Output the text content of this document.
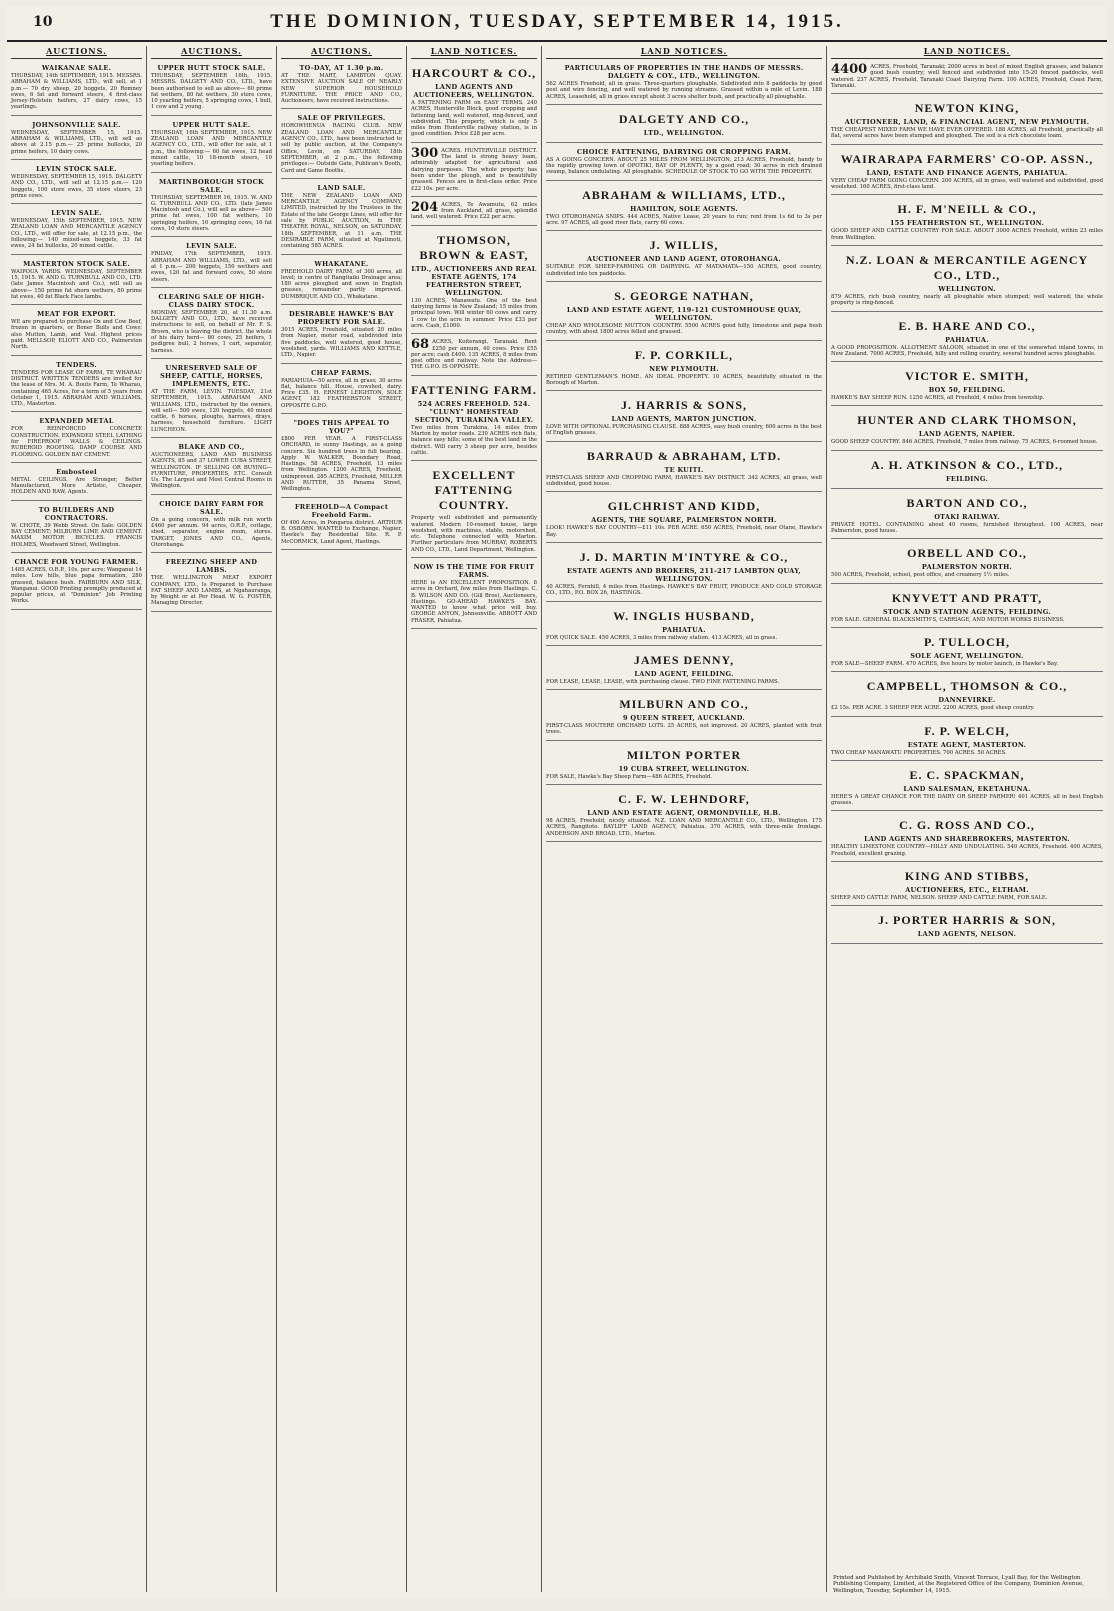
10	THE DOMINION, TUESDAY, SEPTEMBER 14, 1915.
AUCTIONS.
WAIKANAE SALE.
THURSDAY, 14th SEPTEMBER, 1915. MESSRS. ABRAHAM & WILLIAMS, LTD., will sell, at 1 p.m.— 70 dry sheep, 20 hoggets, 20 Romney ewes, 6 fat and forward steers, 4 first-class Jersey-Holstein heifers, 27 dairy cows, 15 yearlings.
JOHNSONVILLE SALE.
WEDNESDAY, SEPTEMBER 15, 1915. ABRAHAM & WILLIAMS, LTD., will sell as above at 2.15 p.m.— 25 prime bullocks, 20 prime heifers, 10 dairy cows.
LEVIN STOCK SALE.
WEDNESDAY, SEPTEMBER 15, 1915. DALGETY AND CO., LTD., will sell at 12.15 p.m.— 120 hoggets, 100 store ewes, 35 store steers, 23 prime cows.
LEVIN SALE.
WEDNESDAY, 15th SEPTEMBER, 1915. NEW ZEALAND LOAN AND MERCANTILE AGENCY CO., LTD., will offer for sale, at 12.15 p.m., the following:— 140 mixed-sex hoggets, 33 fat ewes, 24 fat bullocks, 20 mixed cattle.
MASTERTON STOCK SALE.
WAIPOUA YARDS. WEDNESDAY, SEPTEMBER 15, 1915. W. AND G. TURNBULL AND CO., LTD. (late James Macintosh and Co.), will sell as above— 150 prime fat shorn wethers, 80 prime fat ewes, 40 fat Black Face lambs.
MEAT FOR EXPORT.
WE are prepared to purchase Ox and Cow Beef, frozen in quarters, or Boner Bulls and Cows; also Mutton, Lamb, and Veal. Highest prices paid. MELLSOP, ELIOTT AND CO., Palmerston North.
TENDERS.
TENDERS FOR LEASE OF FARM, TE WHARAU DISTRICT. WRITTEN TENDERS are invited for the lease of Mrs. M. A. Bouts Farm, Te Wharau, containing 465 Acres, for a term of 5 years from October 1, 1915. ABRAHAM AND WILLIAMS, LTD., Masterton.
EXPANDED METAL
FOR REINFORCED CONCRETE CONSTRUCTION. EXPANDED STEEL LATHING for FIREPROOF WALLS & CEILINGS. RUBEROID ROOFING, DAMP COURSE AND FLOORING. GOLDEN BAY CEMENT.
Embosteel
METAL CEILINGS. Are Stronger, Better Manufactured, More Artistic, Cheaper. HOLDEN AND RAW, Agents.
TO BUILDERS AND CONTRACTORS.
W. CHOTE, 39 Webb Street. On Sale: GOLDEN BAY CEMENT; MILBURN LIME AND CEMENT. MAXIM MOTOR BICYCLES. FRANCIS HOLMES, Woodward Street, Wellington.
CHANCE FOR YOUNG FARMER.
1485 ACRES, O.R.P., 10s. per acre; Wanganui 14 miles. Low hills, blue papa formation, 280 grassed, balance bush. FAIRBURN AND SILK, Wanganui. GOOD Printing promptly produced at popular prices, at "Dominion" Job Printing Works.
AUCTIONS.
UPPER HUTT STOCK SALE.
THURSDAY, SEPTEMBER 16th, 1915. MESSRS. DALGETY AND CO., LTD., have been authorised to sell as above— 60 prime fat wethers, 80 fat wethers, 30 store cows, 10 yearling heifers, 5 springing cows, 1 bull, 1 cow and 2 young.
UPPER HUTT SALE.
THURSDAY, 16th SEPTEMBER, 1915. NEW ZEALAND LOAN AND MERCANTILE AGENCY CO., LTD., will offer for sale, at 1 p.m., the following:— 60 fat ewes, 12 head mixed cattle, 10 18-month steers, 10 yearling heifers.
MARTINBOROUGH STOCK SALE.
THURSDAY, SEPTEMBER 16, 1915. W. AND G. TURNBULL AND CO., LTD. (late James Macintosh and Co.), will sell as above— 500 prime fat ewes, 100 fat wethers, 10 springing heifers, 10 springing cows, 16 fat cows, 10 store steers.
LEVIN SALE.
FRIDAY, 17th SEPTEMBER, 1915. ABRAHAM AND WILLIAMS, LTD., will sell at 1 p.m.— 200 hoggets, 150 wethers and ewes, 120 fat and forward cows, 50 store steers.
CLEARING SALE OF HIGH-CLASS DAIRY STOCK.
MONDAY, SEPTEMBER 20, at 11.30 a.m. DALGETY AND CO., LTD., have received instructions to sell, on behalf of Mr. F. S. Brown, who is leaving the district, the whole of his dairy herd— 80 cows, 25 heifers, 1 pedigree bull, 2 horses, 1 cart, separator, harness.
UNRESERVED SALE OF SHEEP, CATTLE, HORSES, IMPLEMENTS, ETC.
AT THE FARM, LEVIN. TUESDAY, 21st SEPTEMBER, 1915. ABRAHAM AND WILLIAMS, LTD., instructed by the owners, will sell— 500 ewes, 120 hoggets, 40 mixed cattle, 6 horses, ploughs, harrows, drays, harness, household furniture. LIGHT LUNCHEON.
BLAKE AND CO.,
AUCTIONEERS, LAND AND BUSINESS AGENTS, 85 and 37 LOWER CUBA STREET, WELLINGTON. IF SELLING OR BUYING— FURNITURE, PROPERTIES, ETC. Consult Us. The Largest and Most Central Rooms in Wellington.
CHOICE DAIRY FARM FOR SALE.
On a going concern, with milk run worth £460 per annum. 94 acres, O.R.P., cottage, shed, separator, engine room, stores. TARGET, JONES AND CO., Agents, Otorohanga.
FREEZING SHEEP AND LAMBS.
THE WELLINGTON MEAT EXPORT COMPANY, LTD., Is Prepared to Purchase FAT SHEEP AND LAMBS, at Ngahauranga, by Weight or at Per Head. W. G. FOSTER, Managing Director.
AUCTIONS.
TO-DAY, AT 1.30 p.m.
AT THE MART, LAMBTON QUAY. EXTENSIVE AUCTION SALE OF NEARLY NEW SUPERIOR HOUSEHOLD FURNITURE. THE PRICE AND CO., Auctioneers, have received instructions.
SALE OF PRIVILEGES.
HOROWHENUA RACING CLUB. NEW ZEALAND LOAN AND MERCANTILE AGENCY CO., LTD., have been instructed to sell by public auction, at the Company's Office, Levin, on SATURDAY, 18th SEPTEMBER, at 2 p.m., the following privileges:— Outside Gate, Publican's Booth, Card and Game Booths.
LAND SALE.
THE NEW ZEALAND LOAN AND MERCANTILE AGENCY COMPANY, LIMITED, instructed by the Trustees in the Estate of the late George Lines, will offer for sale by PUBLIC AUCTION, in THE THEATRE ROYAL, NELSON, on SATURDAY, 18th SEPTEMBER, at 11 a.m. THE DESIRABLE FARM, situated at Ngatimoti, containing 585 ACRES.
WHAKATANE.
FREEHOLD DAIRY FARM, of 300 acres, all level; in centre of Rangitaiki Drainage area; 180 acres ploughed and sown in English grasses, remainder partly improved. DUMBRIQUE AND CO., Whakatane.
DESIRABLE HAWKE'S BAY PROPERTY FOR SALE.
3015 ACRES, Freehold, situated 20 miles from Napier, motor road, subdivided into five paddocks, well watered, good house, woolshed, yards. WILLIAMS AND KETTLE, LTD., Napier.
CHEAP FARMS.
PARIAHUIA—50 acres, all in grass; 30 acres flat, balance hill. House, cowshed, dairy. Price £35. H. ERNEST LEIGHTON, SOLE AGENT, 182 FEATHERSTON STREET, OPPOSITE G.P.O.
"DOES THIS APPEAL TO YOU?"
£800 PER YEAR. A FIRST-CLASS ORCHARD, in sunny Hastings, as a going concern. Six hundred trees in full bearing. Apply W. WALKER, Boundary Road, Hastings. 58 ACRES, Freehold, 13 miles from Wellington. 1200 ACRES, Freehold, unimproved. 285 ACRES, Freehold, MILLER AND RUTTER, 35 Panama Street, Wellington.
FREEHOLD—A Compact Freehold Farm.
Of 400 Acres, in Pongaroa district. ARTHUR B. OSBORN. WANTED to Exchange, Napier, Hawke's Bay Residential Site. R. P. McCORMICK, Land Agent, Hastings.
LAND NOTICES.
HARCOURT & CO.,
LAND AGENTS AND AUCTIONEERS, WELLINGTON.
A FATTENING FARM on EASY TERMS. 240 ACRES, Hunterville Block, good cropping and fattening land, well watered, ring-fenced, and subdivided. This property, which is only 5 miles from Hunterville railway station, is in good condition. Price £28 per acre.
300 ACRES. HUNTERVILLE DISTRICT. The land is strong heavy loam, admirably adapted for agricultural and dairying purposes. The whole property has been under the plough, and is beautifully grassed. Fences are in first-class order. Price £22 10s. per acre.
204 ACRES, Te Awamutu, 62 miles from Auckland, all grass, splendid land, well watered. Price £22 per acre.
THOMSON, BROWN & EAST,
LTD., AUCTIONEERS AND REAL ESTATE AGENTS, 174 FEATHERSTON STREET, WELLINGTON.
130 ACRES, Manawatu. One of the best dairying farms in New Zealand; 15 miles from principal town. Will winter 60 cows and carry 1 cow to the acre in summer. Price £33 per acre. Cash, £1000.
68 ACRES, Koiterangi, Taranaki. Rent £250 per annum, 40 cows. Price £55 per acre; cash £400. 135 ACRES, 8 miles from post office and railway. Note the Address— THE G.P.O. IS OPPOSITE.
FATTENING FARM.
524 ACRES FREEHOLD. 524. "CLUNY" HOMESTEAD SECTION, TURAKINA VALLEY.
Two miles from Turakina, 14 miles from Marton by motor roads. 230 ACRES rich flats, balance easy hills; some of the best land in the district. Will carry 3 sheep per acre, besides cattle.
EXCELLENT FATTENING COUNTRY.
Property well subdivided and permanently watered. Modern 10-roomed house, large woolshed, with machines, stable, motorshed, etc. Telephone connected with Marton. Further particulars from MURRAY, ROBERTS AND CO., LTD., Land Department, Wellington.
NOW IS THE TIME FOR FRUIT FARMS.
HERE is AN EXCELLENT PROPOSITION. 8 acres in Orchard, few miles from Hastings. C. B. WILSON AND CO. (Gill Bros), Auctioneers, Hastings. GO-AHEAD HAWKE'S BAY. WANTED to know what price will buy. GEORGE ANYON, Johnsonville. ABBOTT AND FRASER, Pahiatua.
LAND NOTICES.
PARTICULARS OF PROPERTIES IN THE HANDS OF MESSRS. DALGETY & COY., LTD., WELLINGTON.
562 ACRES Freehold, all in grass. Three-quarters ploughable. Subdivided into 8 paddocks by good post and wire fencing, and well watered by running streams. Grassed within a mile of Levin. 188 ACRES, Leasehold, all in grass except about 3 acres shelter bush, and practically all ploughable.
DALGETY AND CO.,
LTD., WELLINGTON.
CHOICE FATTENING, DAIRYING OR CROPPING FARM.
AS A GOING CONCERN. ABOUT 25 MILES FROM WELLINGTON. 213 ACRES, Freehold, handy to the rapidly growing town of OPOTIKI, BAY OF PLENTY, by a good road; 30 acres in rich drained swamp, balance undulating. All ploughable. SCHEDULE OF STOCK TO GO WITH THE PROPERTY.
ABRAHAM & WILLIAMS, LTD.,
HAMILTON, SOLE AGENTS.
TWO OTOROHANGA SNIPS. 444 ACRES, Native Lease, 20 years to run; rent from 1s 6d to 3s per acre. 97 ACRES, all good river flats, carry 60 cows.
J. WILLIS,
AUCTIONEER AND LAND AGENT, OTOROHANGA.
SUITABLE FOR SHEEP-FARMING OR DAIRYING. AT MATAMATA—150 ACRES, good country, subdivided into ten paddocks.
S. GEORGE NATHAN,
LAND AND ESTATE AGENT, 119-121 CUSTOMHOUSE QUAY, WELLINGTON.
CHEAP AND WHOLESOME MUTTON COUNTRY. 5500 ACRES good hilly, limestone and papa bush country, with about 1800 acres felled and grassed.
F. P. CORKILL,
NEW PLYMOUTH.
RETIRED GENTLEMAN'S HOME. AN IDEAL PROPERTY. 10 ACRES, beautifully situated in the Borough of Marton.
J. HARRIS & SONS,
LAND AGENTS, MARTON JUNCTION.
LOVE WITH OPTIONAL PURCHASING CLAUSE. 888 ACRES, easy bush country, 600 acres in the best of English grasses.
BARRAUD & ABRAHAM, LTD.
TE KUITI.
FIRST-CLASS SHEEP AND CROPPING FARM, HAWKE'S BAY DISTRICT. 342 ACRES, all grass, well subdivided, good house.
GILCHRIST AND KIDD,
AGENTS, THE SQUARE, PALMERSTON NORTH.
LOOK! HAWKE'S BAY COUNTRY—£11 10s. PER ACRE. 650 ACRES, Freehold, near Otane, Hawke's Bay.
J. D. MARTIN M'INTYRE & CO.,
ESTATE AGENTS AND BROKERS, 211-217 LAMBTON QUAY, WELLINGTON.
40 ACRES, Fernhill, 4 miles from Hastings. HAWKE'S BAY FRUIT, PRODUCE AND COLD STORAGE CO., LTD., P.O. BOX 26, HASTINGS.
W. INGLIS HUSBAND,
PAHIATUA.
FOR QUICK SALE. 450 ACRES, 3 miles from railway station. 413 ACRES, all in grass.
JAMES DENNY,
LAND AGENT, FEILDING.
FOR LEASE, LEASE, LEASE, with purchasing clause. TWO FINE FATTENING FARMS.
MILBURN AND CO.,
9 QUEEN STREET, AUCKLAND.
FIRST-CLASS MOUTERE ORCHARD LOTS. 25 ACRES, not improved. 20 ACRES, planted with fruit trees.
MILTON PORTER
19 CUBA STREET, WELLINGTON.
FOR SALE, Hawke's Bay Sheep Farm—486 ACRES, Freehold.
C. F. W. LEHNDORF,
LAND AND ESTATE AGENT, ORMONDVILLE, H.B.
98 ACRES, Freehold, nicely situated. N.Z. LOAN AND MERCANTILE CO., LTD., Wellington. 175 ACRES, Rangitoto. BAYLIFF LAND AGENCY, Pahiatua. 370 ACRES, with three-mile frontage. ANDERSON AND BROAD, LTD., Marton.
LAND NOTICES.
4400 ACRES, Freehold, Taranaki; 2000 acres in best of mixed English grasses, and balance good bush country; well fenced and subdivided into 15-20 fenced paddocks, well watered. 237 ACRES, Freehold, Taranaki Coast Dairying Farm. 100 ACRES, Freehold, Coast Farm, Taranaki.
NEWTON KING,
AUCTIONEER, LAND, & FINANCIAL AGENT, NEW PLYMOUTH.
THE CHEAPEST MIXED FARM WE HAVE EVER OFFERED. 188 ACRES, all Freehold, practically all flat, several acres have been stumped and ploughed. The soil is a rich chocolate loam.
WAIRARAPA FARMERS' CO-OP. ASSN.,
LAND, ESTATE AND FINANCE AGENTS, PAHIATUA.
VERY CHEAP FARM GOING CONCERN. 200 ACRES, all in grass, well watered and subdivided, good woolshed. 160 ACRES, first-class land.
H. F. M'NEILL & CO.,
155 FEATHERSTON ST., WELLINGTON.
GOOD SHEEP AND CATTLE COUNTRY FOR SALE. ABOUT 3000 ACRES Freehold, within 23 miles from Wellington.
N.Z. LOAN & MERCANTILE AGENCY CO., LTD.,
WELLINGTON.
879 ACRES, rich bush country, nearly all ploughable when stumped; well watered; the whole property is ring-fenced.
E. B. HARE AND CO.,
PAHIATUA.
A GOOD PROPOSITION. ALLOTMENT SALOON, situated in one of the somewhat inland towns, in New Zealand. 7000 ACRES, Freehold, hilly and rolling country, several hundred acres ploughable.
VICTOR E. SMITH,
BOX 50, FEILDING.
HAWKE'S BAY SHEEP RUN. 1250 ACRES, all Freehold, 4 miles from township.
HUNTER AND CLARK THOMSON,
LAND AGENTS, NAPIER.
GOOD SHEEP COUNTRY. 846 ACRES, Freehold, 7 miles from railway. 75 ACRES, 6-roomed house.
A. H. ATKINSON & CO., LTD.,
FEILDING.
BARTON AND CO.,
OTAKI RAILWAY.
PRIVATE HOTEL. CONTAINING about 40 rooms, furnished throughout. 100 ACRES, near Palmerston, good house.
ORBELL AND CO.,
PALMERSTON NORTH.
500 ACRES, Freehold, school, post office, and creamery 1½ miles.
KNYVETT AND PRATT,
STOCK AND STATION AGENTS, FEILDING.
FOR SALE. GENERAL BLACKSMITH'S, CARRIAGE, AND MOTOR WORKS BUSINESS.
P. TULLOCH,
SOLE AGENT, WELLINGTON.
FOR SALE—SHEEP FARM. 470 ACRES, five hours by motor launch, in Hawke's Bay.
CAMPBELL, THOMSON & CO.,
DANNEVIRKE.
£2 15s. PER ACRE. 3 SHEEP PER ACRE. 2200 ACRES, good sheep country.
F. P. WELCH,
ESTATE AGENT, MASTERTON.
TWO CHEAP MANAWATU PROPERTIES. 700 ACRES. 50 ACRES.
E. C. SPACKMAN,
LAND SALESMAN, EKETAHUNA.
HERE'S A GREAT CHANCE FOR THE DAIRY OR SHEEP FARMER! 401 ACRES, all in best English grasses.
C. G. ROSS AND CO.,
LAND AGENTS AND SHAREBROKERS, MASTERTON.
HEALTHY LIMESTONE COUNTRY—HILLY AND UNDULATING. 540 ACRES, Freehold. 400 ACRES, Freehold, excellent grazing.
KING AND STIBBS,
AUCTIONEERS, ETC., ELTHAM.
SHEEP AND CATTLE FARM, NELSON. SHEEP AND CATTLE FARM, FOR SALE.
J. PORTER HARRIS & SON,
LAND AGENTS, NELSON.
Printed and Published by Archibald Smith, Vincent Terrace, Lyall Bay, for the Wellington Publishing Company, Limited, at the Registered Office of the Company, Dominion Avenue, Wellington, Tuesday, September 14, 1915.
